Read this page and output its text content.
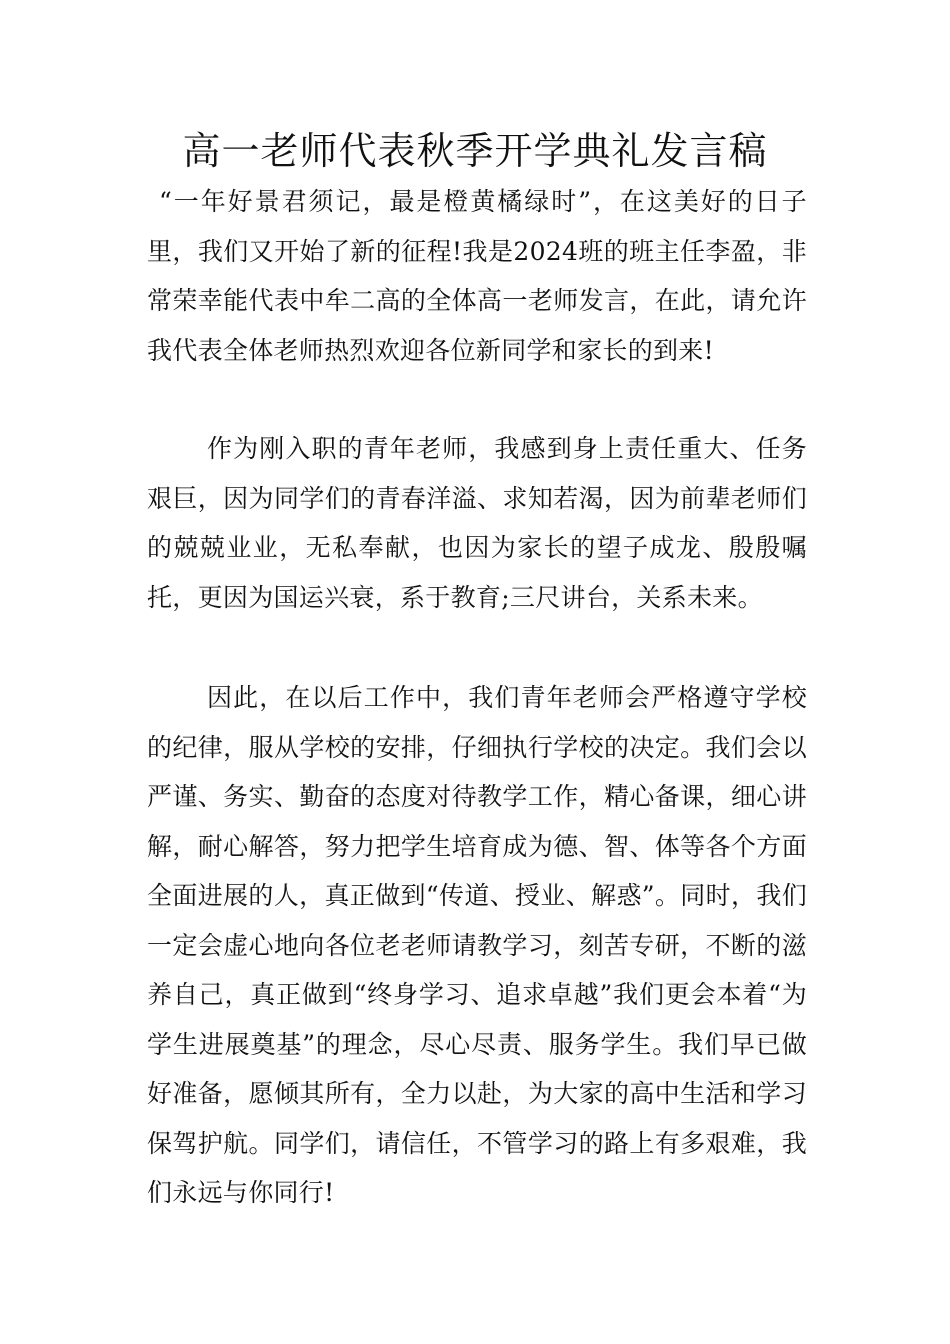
高一老师代表秋季开学典礼发言稿

“一年好景君须记，最是橙黄橘绿时”，在这美好的日子里，我们又开始了新的征程!我是2024班的班主任李盈，非常荣幸能代表中牟二高的全体高一老师发言，在此，请允许我代表全体老师热烈欢迎各位新同学和家长的到来!

作为刚入职的青年老师，我感到身上责任重大、任务艰巨，因为同学们的青春洋溢、求知若渴，因为前辈老师们的兢兢业业，无私奉献，也因为家长的望子成龙、殷殷嘱托，更因为国运兴衰，系于教育;三尺讲台，关系未来。

因此，在以后工作中，我们青年老师会严格遵守学校的纪律，服从学校的安排，仔细执行学校的决定。我们会以严谨、务实、勤奋的态度对待教学工作，精心备课，细心讲解，耐心解答，努力把学生培育成为德、智、体等各个方面全面进展的人，真正做到“传道、授业、解惑”。同时，我们一定会虚心地向各位老老师请教学习，刻苦专研，不断的滋养自己，真正做到“终身学习、追求卓越”我们更会本着“为学生进展奠基”的理念，尽心尽责、服务学生。我们早已做好准备，愿倾其所有，全力以赴，为大家的高中生活和学习保驾护航。同学们，请信任，不管学习的路上有多艰难，我们永远与你同行!
